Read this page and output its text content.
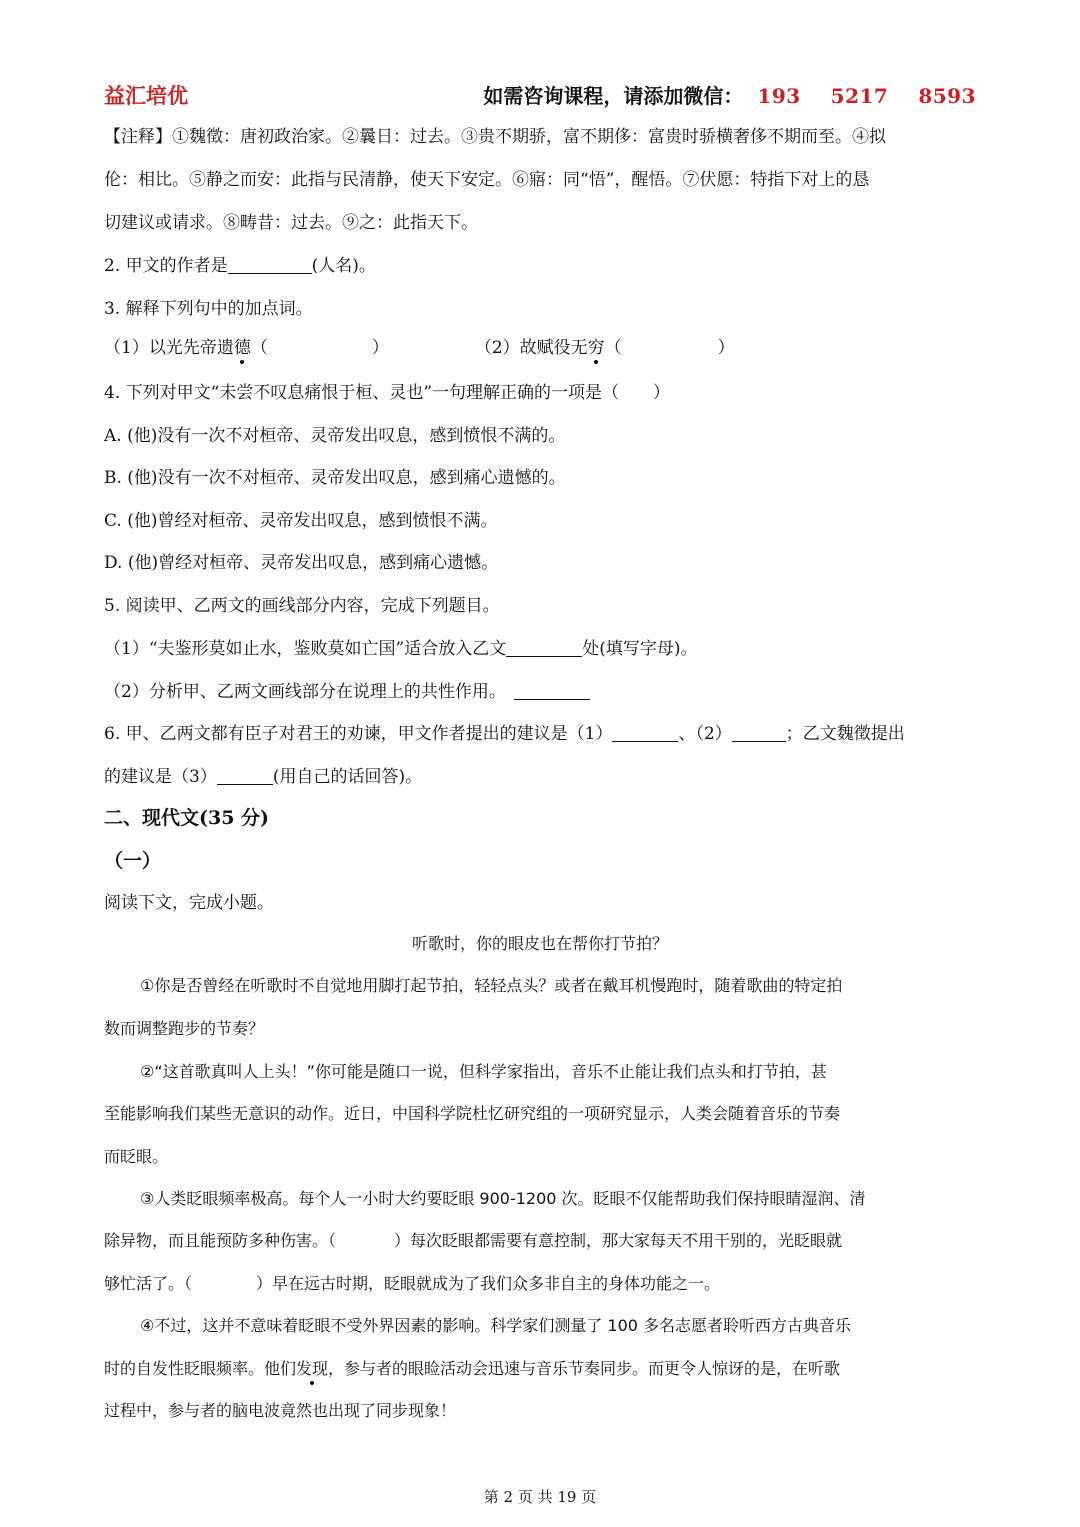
益汇培优	如需咨询课程，请添加微信： 193 5217 8593
【注释】①魏徵：唐初政治家。②曩日：过去。③贵不期骄，富不期侈：富贵时骄横奢侈不期而至。④拟
伦：相比。⑤静之而安：此指与民清静，使天下安定。⑥寤：同“悟”，醒悟。⑦伏愿：特指下对上的恳
切建议或请求。⑧畴昔：过去。⑨之：此指天下。
2. 甲文的作者是	(人名)。
3. 解释下列句中的加点词。
（1）以光先帝遗德（	）	（2）故赋役无穷（	）
4. 下列对甲文“未尝不叹息痛恨于桓、灵也”一句理解正确的一项是（　　）
A. (他)没有一次不对桓帝、灵帝发出叹息，感到愤恨不满的。
B. (他)没有一次不对桓帝、灵帝发出叹息，感到痛心遗憾的。
C. (他)曾经对桓帝、灵帝发出叹息，感到愤恨不满。
D. (他)曾经对桓帝、灵帝发出叹息，感到痛心遗憾。
5. 阅读甲、乙两文的画线部分内容，完成下列题目。
（1）“夫鉴形莫如止水，鉴败莫如亡国”适合放入乙文	处(填写字母)。
（2）分析甲、乙两文画线部分在说理上的共性作用。
6. 甲、乙两文都有臣子对君王的劝谏，甲文作者提出的建议是（1）	、（2）	；乙文魏徵提出
的建议是（3）	(用自己的话回答)。
二、现代文(35 分)
（一）
阅读下文，完成小题。
听歌时，你的眼皮也在帮你打节拍？
①你是否曾经在听歌时不自觉地用脚打起节拍，轻轻点头？或者在戴耳机慢跑时，随着歌曲的特定拍
数而调整跑步的节奏？
②“这首歌真叫人上头！”你可能是随口一说，但科学家指出，音乐不止能让我们点头和打节拍，甚
至能影响我们某些无意识的动作。近日，中国科学院杜忆研究组的一项研究显示，人类会随着音乐的节奏
而眨眼。
③人类眨眼频率极高。每个人一小时大约要眨眼 900-1200 次。眨眼不仅能帮助我们保持眼睛湿润、清
除异物，而且能预防多种伤害。（	）每次眨眼都需要有意控制，那大家每天不用干别的，光眨眼就
够忙活了。（	）早在远古时期，眨眼就成为了我们众多非自主的身体功能之一。
④不过，这并不意味着眨眼不受外界因素的影响。科学家们测量了 100 多名志愿者聆听西方古典音乐
时的自发性眨眼频率。他们发现，参与者的眼睑活动会迅速与音乐节奏同步。而更令人惊讶的是，在听歌
过程中，参与者的脑电波竟然也出现了同步现象！
第 2 页 共 19 页
